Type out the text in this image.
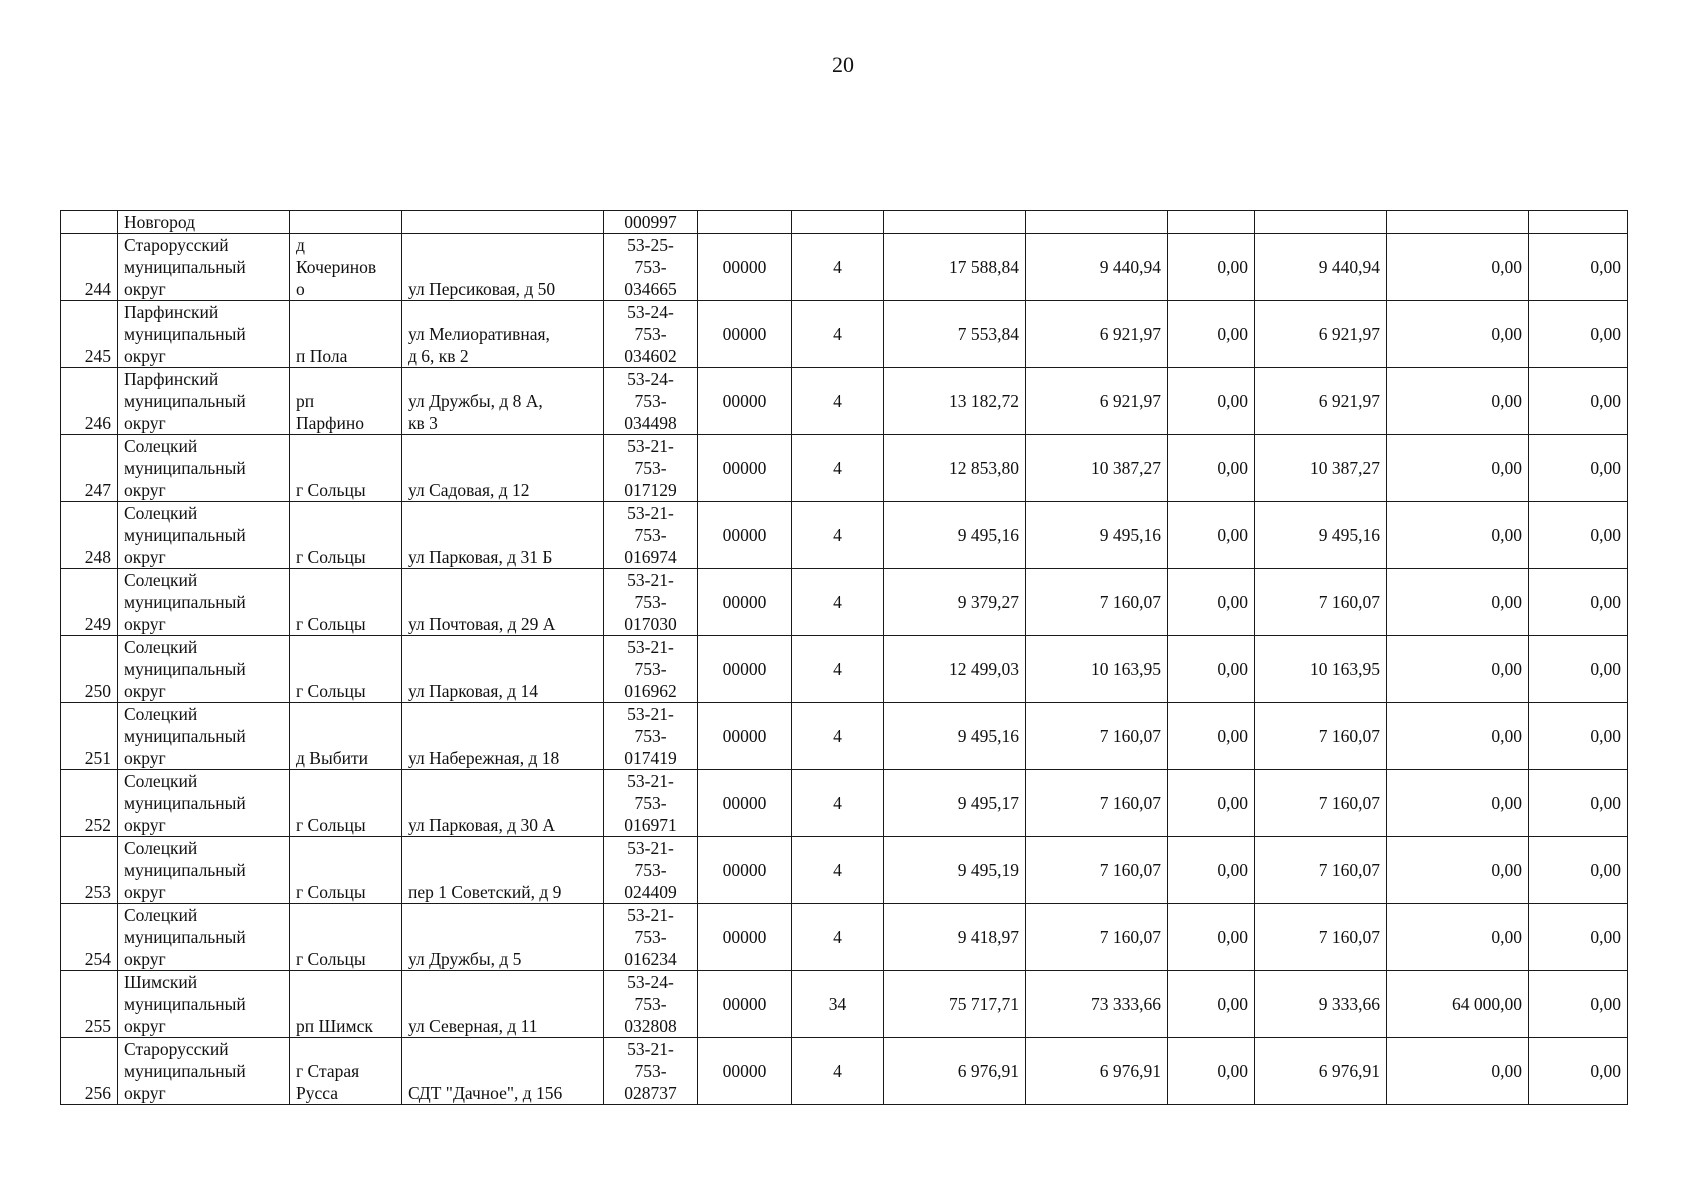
20
	Новгород			000997								
244	Старорусский
муниципальный
округ	д
Кочеринов
о	ул Персиковая, д 50	53-25-
753-
034665	00000	4	17 588,84	9 440,94	0,00	9 440,94	0,00	0,00
245	Парфинский
муниципальный
округ	п Пола	ул Мелиоративная,
д 6, кв 2	53-24-
753-
034602	00000	4	7 553,84	6 921,97	0,00	6 921,97	0,00	0,00
246	Парфинский
муниципальный
округ	рп
Парфино	ул Дружбы, д 8 А,
кв 3	53-24-
753-
034498	00000	4	13 182,72	6 921,97	0,00	6 921,97	0,00	0,00
247	Солецкий
муниципальный
округ	г Сольцы	ул Садовая, д 12	53-21-
753-
017129	00000	4	12 853,80	10 387,27	0,00	10 387,27	0,00	0,00
248	Солецкий
муниципальный
округ	г Сольцы	ул Парковая, д 31 Б	53-21-
753-
016974	00000	4	9 495,16	9 495,16	0,00	9 495,16	0,00	0,00
249	Солецкий
муниципальный
округ	г Сольцы	ул Почтовая, д 29 А	53-21-
753-
017030	00000	4	9 379,27	7 160,07	0,00	7 160,07	0,00	0,00
250	Солецкий
муниципальный
округ	г Сольцы	ул Парковая, д 14	53-21-
753-
016962	00000	4	12 499,03	10 163,95	0,00	10 163,95	0,00	0,00
251	Солецкий
муниципальный
округ	д Выбити	ул Набережная, д 18	53-21-
753-
017419	00000	4	9 495,16	7 160,07	0,00	7 160,07	0,00	0,00
252	Солецкий
муниципальный
округ	г Сольцы	ул Парковая, д 30 А	53-21-
753-
016971	00000	4	9 495,17	7 160,07	0,00	7 160,07	0,00	0,00
253	Солецкий
муниципальный
округ	г Сольцы	пер 1 Советский, д 9	53-21-
753-
024409	00000	4	9 495,19	7 160,07	0,00	7 160,07	0,00	0,00
254	Солецкий
муниципальный
округ	г Сольцы	ул Дружбы, д 5	53-21-
753-
016234	00000	4	9 418,97	7 160,07	0,00	7 160,07	0,00	0,00
255	Шимский
муниципальный
округ	рп Шимск	ул Северная, д 11	53-24-
753-
032808	00000	34	75 717,71	73 333,66	0,00	9 333,66	64 000,00	0,00
256	Старорусский
муниципальный
округ	г Старая
Русса	СДТ "Дачное", д 156	53-21-
753-
028737	00000	4	6 976,91	6 976,91	0,00	6 976,91	0,00	0,00
